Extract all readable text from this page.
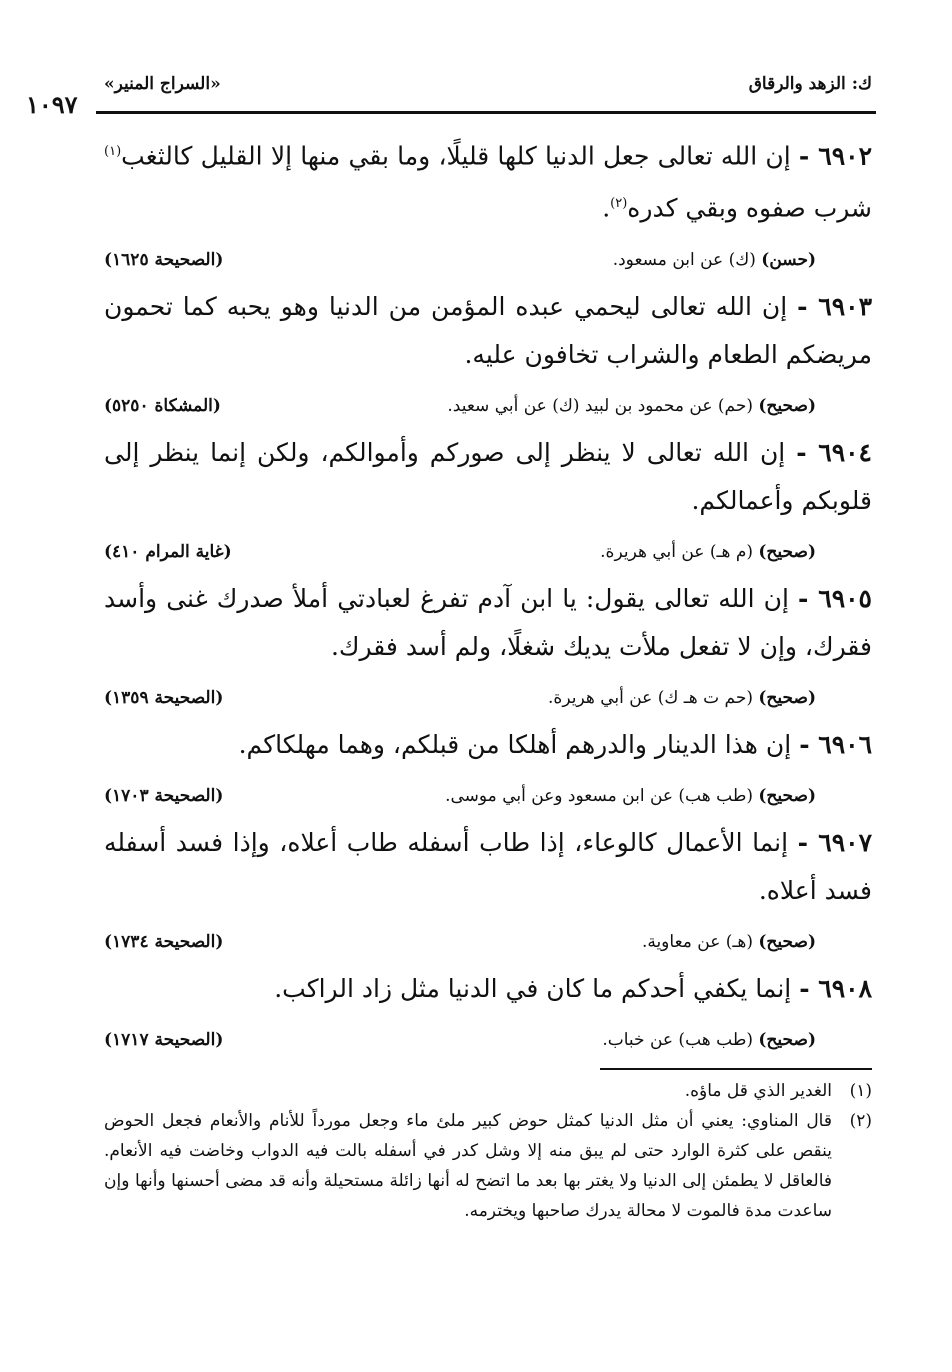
ك: الزهد والرقاق
«السراج المنير»
١٠٩٧

٦٩٠٢ - إن الله تعالى جعل الدنيا كلها قليلًا، وما بقي منها إلا القليل كالثغب$^{(١)}$ شرب صفوه وبقي كدره$^{(٢)}$.

(حسن) (ك) عن ابن مسعود.
(الصحيحة ١٦٢٥)

٦٩٠٣ - إن الله تعالى ليحمي عبده المؤمن من الدنيا وهو يحبه كما تحمون مريضكم الطعام والشراب تخافون عليه.

(صحيح) (حم) عن محمود بن لبيد (ك) عن أبي سعيد.
(المشكاة ٥٢٥٠)

٦٩٠٤ - إن الله تعالى لا ينظر إلى صوركم وأموالكم، ولكن إنما ينظر إلى قلوبكم وأعمالكم.

(صحيح) (م هـ) عن أبي هريرة.
(غاية المرام ٤١٠)

٦٩٠٥ - إن الله تعالى يقول: يا ابن آدم تفرغ لعبادتي أملأ صدرك غنى وأسد فقرك، وإن لا تفعل ملأت يديك شغلًا، ولم أسد فقرك.

(صحيح) (حم ت هـ ك) عن أبي هريرة.
(الصحيحة ١٣٥٩)

٦٩٠٦ - إن هذا الدينار والدرهم أهلكا من قبلكم، وهما مهلكاكم.

(صحيح) (طب هب) عن ابن مسعود وعن أبي موسى.
(الصحيحة ١٧٠٣)

٦٩٠٧ - إنما الأعمال كالوعاء، إذا طاب أسفله طاب أعلاه، وإذا فسد أسفله فسد أعلاه.

(صحيح) (هـ) عن معاوية.
(الصحيحة ١٧٣٤)

٦٩٠٨ - إنما يكفي أحدكم ما كان في الدنيا مثل زاد الراكب.

(صحيح) (طب هب) عن خباب.
(الصحيحة ١٧١٧)
(١)
الغدير الذي قل ماؤه.
(٢)
قال المناوي: يعني أن مثل الدنيا كمثل حوض كبير ملئ ماء وجعل مورداً للأنام والأنعام فجعل الحوض ينقص على كثرة الوارد حتى لم يبق منه إلا وشل كدر في أسفله بالت فيه الدواب وخاضت فيه الأنعام. فالعاقل لا يطمئن إلى الدنيا ولا يغتر بها بعد ما اتضح له أنها زائلة مستحيلة وأنه قد مضى أحسنها وأنها وإن ساعدت مدة فالموت لا محالة يدرك صاحبها ويخترمه.
